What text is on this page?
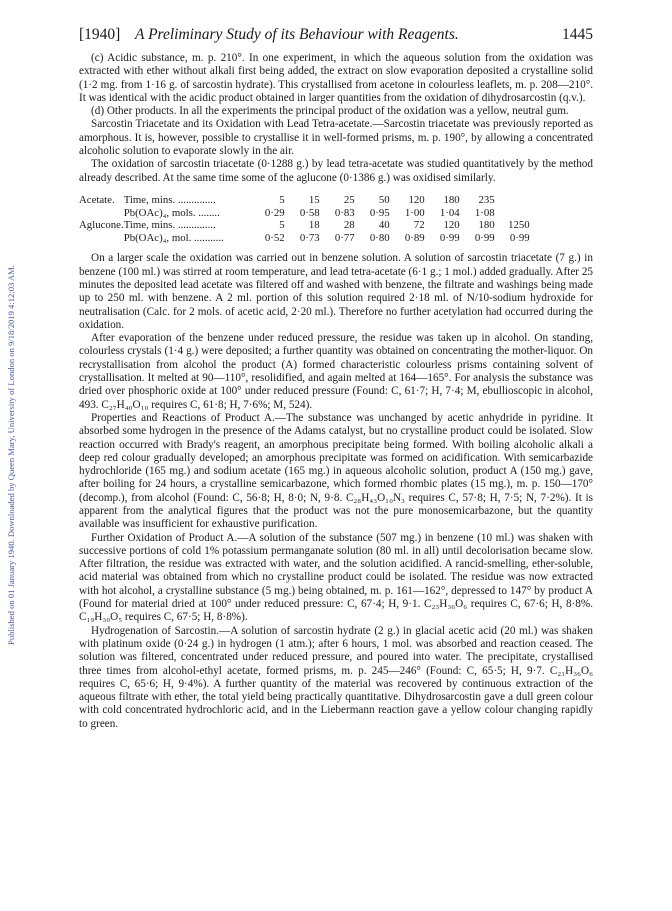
Published on 01 January 1940. Downloaded by Queen Mary, University of London on 9/18/2019 4:12:03 AM.
[1940] A Preliminary Study of its Behaviour with Reagents.	1445

(c) Acidic substance, m. p. 210°. In one experiment, in which the aqueous solution from the oxidation was extracted with ether without alkali first being added, the extract on slow evaporation deposited a crystalline solid (1·2 mg. from 1·16 g. of sarcostin hydrate). This crystallised from acetone in colourless leaflets, m. p. 208—210°. It was identical with the acidic product obtained in larger quantities from the oxidation of dihydrosarcostin (q.v.).

(d) Other products. In all the experiments the principal product of the oxidation was a yellow, neutral gum.

Sarcostin Triacetate and its Oxidation with Lead Tetra-acetate.—Sarcostin triacetate was previously reported as amorphous. It is, however, possible to crystallise it in well-formed prisms, m. p. 190°, by allowing a concentrated alcoholic solution to evaporate slowly in the air.

The oxidation of sarcostin triacetate (0·1288 g.) by lead tetra-acetate was studied quantitatively by the method already described. At the same time some of the aglucone (0·1386 g.) was oxidised similarly.

Acetate.	Time, mins. ..............	5	15	25	50	120	180	235	
	Pb(OAc)₄, mols. ........	0·29	0·58	0·83	0·95	1·00	1·04	1·08	
Aglucone.	Time, mins. ..............	5	18	28	40	72	120	180	1250
	Pb(OAc)₄, mol. ...........	0·52	0·73	0·77	0·80	0·89	0·99	0·99	0·99

On a larger scale the oxidation was carried out in benzene solution. A solution of sarcostin triacetate (7 g.) in benzene (100 ml.) was stirred at room temperature, and lead tetra-acetate (6·1 g.; 1 mol.) added gradually. After 25 minutes the deposited lead acetate was filtered off and washed with benzene, the filtrate and washings being made up to 250 ml. with benzene. A 2 ml. portion of this solution required 2·18 ml. of N/10-sodium hydroxide for neutralisation (Calc. for 2 mols. of acetic acid, 2·20 ml.). Therefore no further acetylation had occurred during the oxidation.

After evaporation of the benzene under reduced pressure, the residue was taken up in alcohol. On standing, colourless crystals (1·4 g.) were deposited; a further quantity was obtained on concentrating the mother-liquor. On recrystallisation from alcohol the product (A) formed characteristic colourless prisms containing solvent of crystallisation. It melted at 90—110°, resolidified, and again melted at 164—165°. For analysis the substance was dried over phosphoric oxide at 100° under reduced pressure (Found: C, 61·7; H, 7·4; M, ebullioscopic in alcohol, 493. C₂₇H₄₀O₁₀ requires C, 61·8; H, 7·6%; M, 524).

Properties and Reactions of Product A.—The substance was unchanged by acetic anhydride in pyridine. It absorbed some hydrogen in the presence of the Adams catalyst, but no crystalline product could be isolated. Slow reaction occurred with Brady's reagent, an amorphous precipitate being formed. With boiling alcoholic alkali a deep red colour gradually developed; an amorphous precipitate was formed on acidification. With semicarbazide hydrochloride (165 mg.) and sodium acetate (165 mg.) in aqueous alcoholic solution, product A (150 mg.) gave, after boiling for 24 hours, a crystalline semicarbazone, which formed rhombic plates (15 mg.), m. p. 150—170° (decomp.), from alcohol (Found: C, 56·8; H, 8·0; N, 9·8. C₂₈H₄₃O₁₀N₃ requires C, 57·8; H, 7·5; N, 7·2%). It is apparent from the analytical figures that the product was not the pure monosemicarbazone, but the quantity available was insufficient for exhaustive purification.

Further Oxidation of Product A.—A solution of the substance (507 mg.) in benzene (10 ml.) was shaken with successive portions of cold 1% potassium permanganate solution (80 ml. in all) until decolorisation became slow. After filtration, the residue was extracted with water, and the solution acidified. A rancid-smelling, ether-soluble, acid material was obtained from which no crystalline product could be isolated. The residue was now extracted with hot alcohol, a crystalline substance (5 mg.) being obtained, m. p. 161—162°, depressed to 147° by product A (Found for material dried at 100° under reduced pressure: C, 67·4; H, 9·1. C₂₃H₃₆O₆ requires C, 67·6; H, 8·8%. C₁₉H₃₀O₅ requires C, 67·5; H, 8·8%).

Hydrogenation of Sarcostin.—A solution of sarcostin hydrate (2 g.) in glacial acetic acid (20 ml.) was shaken with platinum oxide (0·24 g.) in hydrogen (1 atm.); after 6 hours, 1 mol. was absorbed and reaction ceased. The solution was filtered, concentrated under reduced pressure, and poured into water. The precipitate, crystallised three times from alcohol-ethyl acetate, formed prisms, m. p. 245—246° (Found: C, 65·5; H, 9·7. C₂₁H₃₆O₆ requires C, 65·6; H, 9·4%). A further quantity of the material was recovered by continuous extraction of the aqueous filtrate with ether, the total yield being practically quantitative. Dihydrosarcostin gave a dull green colour with cold concentrated hydrochloric acid, and in the Liebermann reaction gave a yellow colour changing rapidly to green.
